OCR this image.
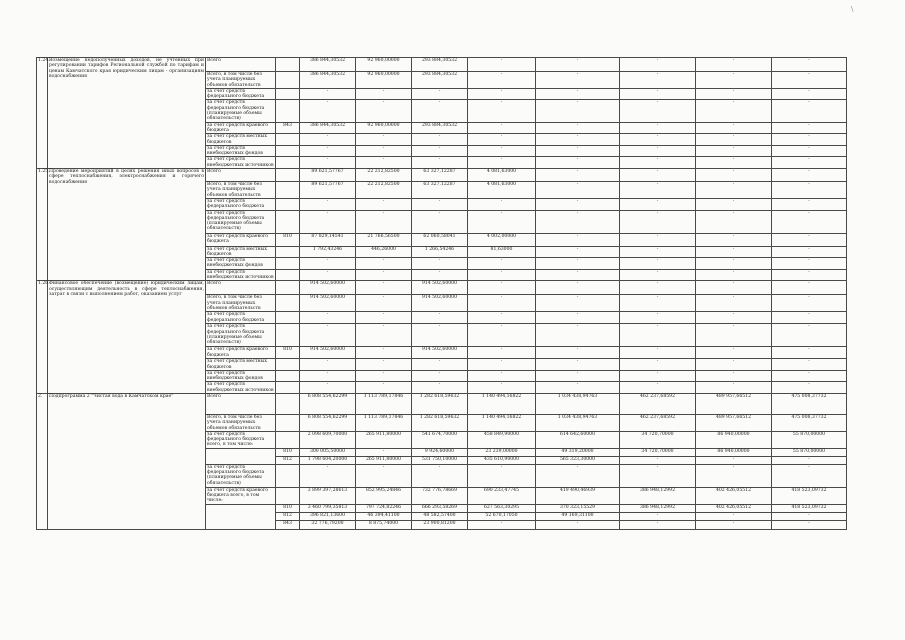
\
1.24.	Возмещение недополученных доходов, не учтенных при регулировании тарифов Региональной службой по тарифам и ценам Камчатского края юридическим лицам - организациям водоснабжения	Всего		386 844,30532	92 960,00000	293 884,30532	-	-	-	-	-
		Всего, в том числе без учета планируемых объемов обязательств		386 844,30532	92 960,00000	293 884,30532	-	-	-	-	-
		за счет средств федерального бюджета		-	-	-	-	-	-	-	-
		за счет средств федерального бюджета (планируемые объемы обязательств)		-	-	-	-	-	-	-	-
		за счет средств краевого бюджета	843	386 844,30532	92 960,00000	293 884,30532	-	-	-	-	-
		за счет средств местных бюджетов		-	-	-	-	-	-	-	-
		за счет средств внебюджетных фондов		-	-	-	-	-	-	-	-
		за счет средств внебюджетных источников		-	-	-	-	-	-	-	-
1.25.	Проведение мероприятий в целях решения иных вопросов в сфере теплоснабжения, электроснабжения и горячего водоснабжения	Всего		89 621,57767	22 212,82500	63 327,12287	4 081,63000	-	-	-	-
		Всего, в том числе без учета планируемых объемов обязательств		89 621,57767	22 212,82500	63 327,12287	4 081,63000	-	-	-	-
		за счет средств федерального бюджета		-	-	-	-	-	-	-	-
		за счет средств федерального бюджета (планируемые объемы обязательств)		-	-	-	-	-	-	-	-
		за счет средств краевого бюджета	810	87 829,14541	21 766,56500	62 060,58041	4 002,00000	-	-	-	-
		за счет средств местных бюджетов		1 792,43246	446,26000	1 266,54246	81,63000	-	-	-	-
		за счет средств внебюджетных фондов		-	-	-	-	-	-	-	-
		за счет средств внебюджетных источников		-	-	-	-	-	-	-	-
1.26.	Финансовое обеспечение (возмещение) юридическим лицам, осуществляющим деятельность в сфере теплоснабжения, затрат в связи с выполнением работ, оказанием услуг	Всего		914 502,60000	-	914 502,60000	-	-	-	-	-
		Всего, в том числе без учета планируемых объемов обязательств		914 502,60000	-	914 502,60000	-	-	-	-	-
		за счет средств федерального бюджета		-	-	-	-	-	-	-	-
		за счет средств федерального бюджета (планируемые объемы обязательств)		-	-	-	-	-	-	-	-
		за счет средств краевого бюджета	810	914 502,60000	-	914 502,60000	-	-	-	-	-
		за счет средств местных бюджетов		-	-	-	-	-	-	-	-
		за счет средств внебюджетных фондов		-	-	-	-	-	-	-	-
		за счет средств внебюджетных источников		-	-	-	-	-	-	-	-
2.	Подпрограмма 2 "Чистая вода в Камчатском крае"	Всего		6 808 554,62299	1 113 789,17846	1 282 618,59632	1 140 494,16822	1 034 438,94763	462 237,68592	489 957,66512	475 008,37732
		Всего, в том числе без учета планируемых объемов обязательств		6 808 554,62299	1 113 789,17846	1 282 618,59632	1 140 494,16822	1 034 438,94763	462 237,68592	489 957,66512	475 008,37732
		за счет средств федерального бюджета всего, в том числе:		2 098 609,70000	265 911,80000	541 674,70000	458 849,90000	614 642,60000	34 720,70000	86 940,00000	55 870,00000
			810	300 005,50000	-	9 924,60000	23 239,00000	49 319,20000	34 720,70000	86 940,00000	55 870,00000
			812	1 798 604,20000	265 911,80000	531 750,10000	435 610,90000	565 323,30000	-	-	-
		за счет средств федерального бюджета (планируемые объемы обязательств)		-	-	-	-	-	-	-	-
		за счет средств краевого бюджета всего, в том числе:		3 899 397,28613	852 995,24846	732 776,78669	690 233,47745	419 490,46939	386 948,12992	402 426,05512	418 523,09732
			810	3 460 799,35813	797 724,82246	666 293,58269	627 563,30295	370 323,15529	386 948,12992	402 426,05512	418 523,09732
			812	396 821,13600	46 394,41100	48 582,57400	52 670,17050	49 169,31100	-	-	-
			843	32 776,79200	8 875,74000	23 900,81200	-	-	-	-	-
